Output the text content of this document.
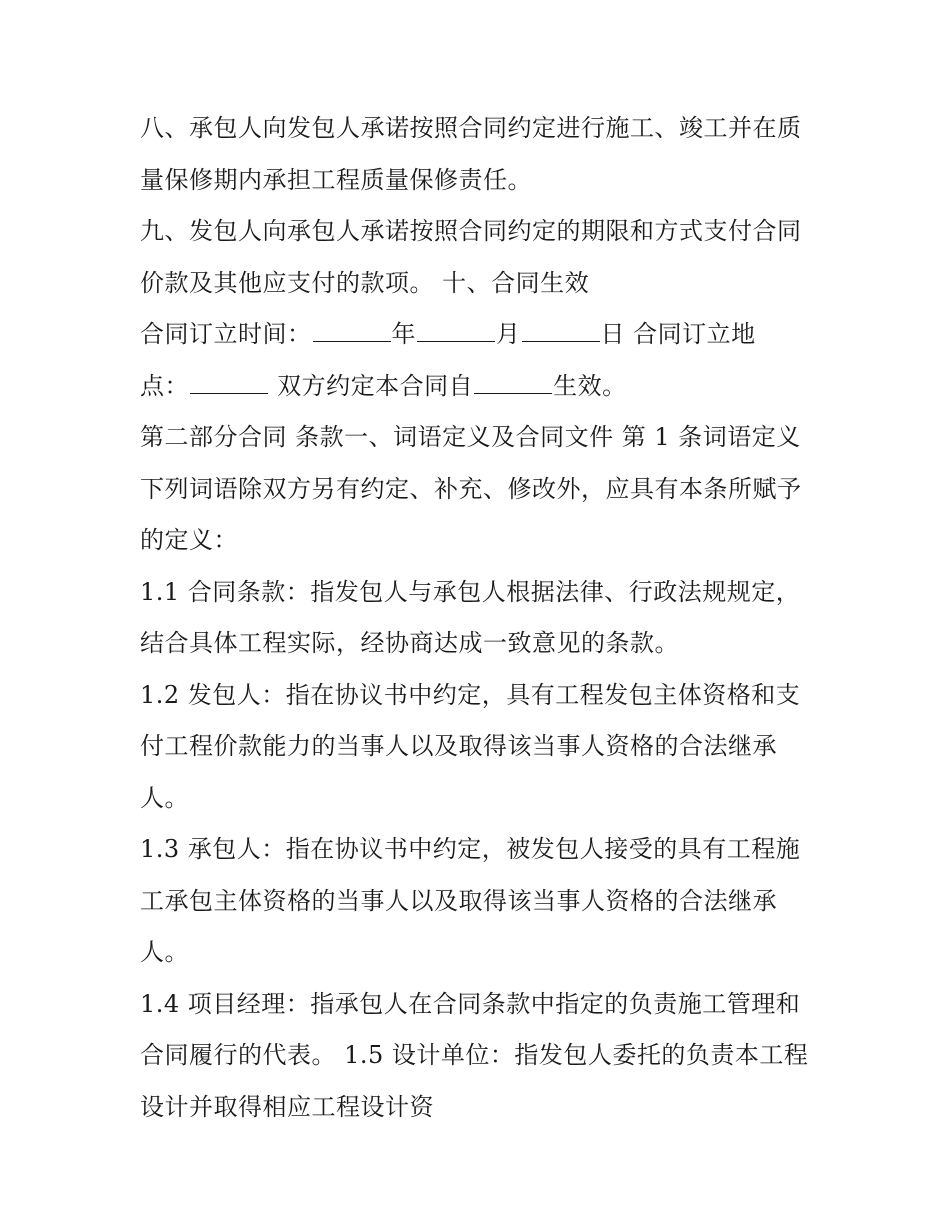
八、承包人向发包人承诺按照合同约定进行施工、竣工并在质
量保修期内承担工程质量保修责任。
九、发包人向承包人承诺按照合同约定的期限和方式支付合同
价款及其他应支付的款项。 十、合同生效
合同订立时间：	年	月	日 合同订立地
点：	双方约定本合同自	生效。
第二部分合同 条款一、词语定义及合同文件 第 1 条词语定义
下列词语除双方另有约定、补充、修改外，应具有本条所赋予
的定义：
1.1 合同条款：指发包人与承包人根据法律、行政法规规定，
结合具体工程实际，经协商达成一致意见的条款。
1.2 发包人：指在协议书中约定，具有工程发包主体资格和支
付工程价款能力的当事人以及取得该当事人资格的合法继承
人。
1.3 承包人：指在协议书中约定，被发包人接受的具有工程施
工承包主体资格的当事人以及取得该当事人资格的合法继承
人。
1.4 项目经理：指承包人在合同条款中指定的负责施工管理和
合同履行的代表。 1.5 设计单位：指发包人委托的负责本工程
设计并取得相应工程设计资
